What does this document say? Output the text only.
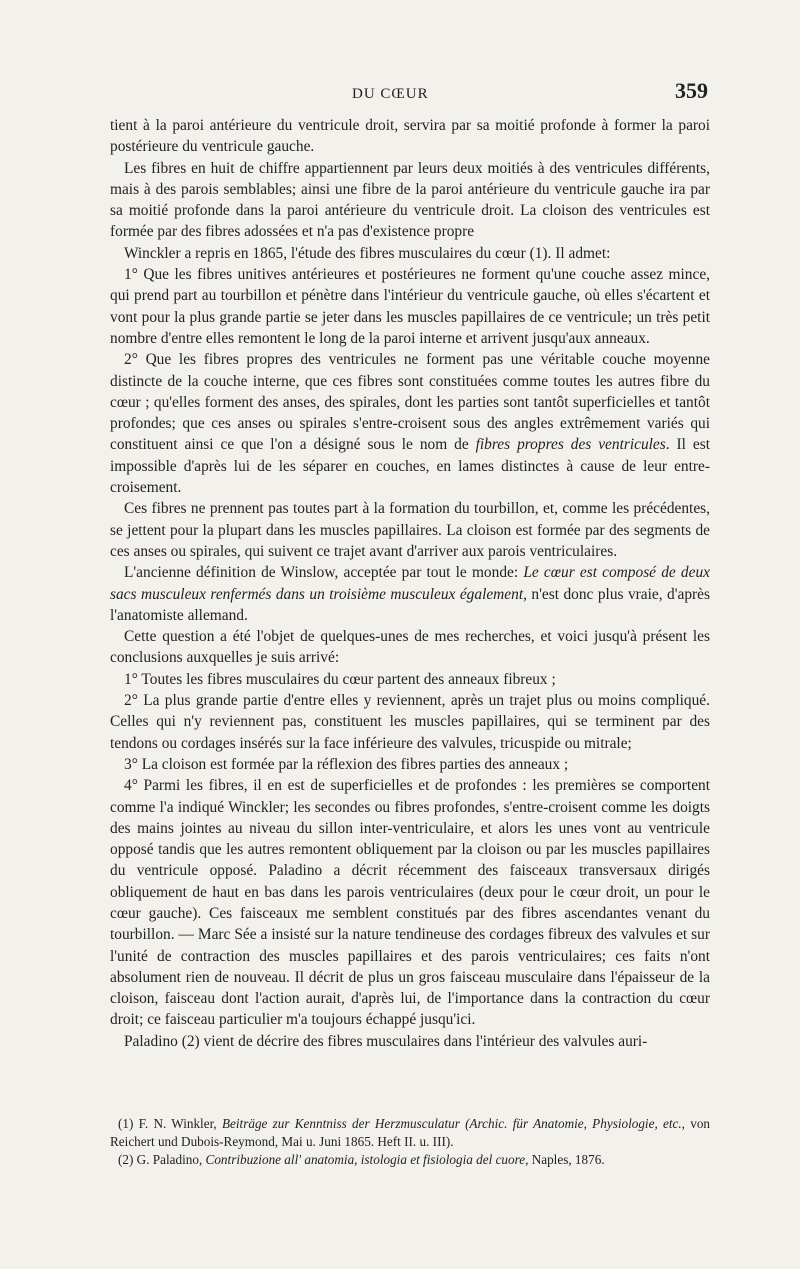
DU CŒUR	359

tient à la paroi antérieure du ventricule droit, servira par sa moitié profonde à former la paroi postérieure du ventricule gauche.

Les fibres en huit de chiffre appartiennent par leurs deux moitiés à des ventricules différents, mais à des parois semblables; ainsi une fibre de la paroi antérieure du ventricule gauche ira par sa moitié profonde dans la paroi antérieure du ventricule droit. La cloison des ventricules est formée par des fibres adossées et n'a pas d'existence propre

Winckler a repris en 1865, l'étude des fibres musculaires du cœur (1). Il admet:

1° Que les fibres unitives antérieures et postérieures ne forment qu'une couche assez mince, qui prend part au tourbillon et pénètre dans l'intérieur du ventricule gauche, où elles s'écartent et vont pour la plus grande partie se jeter dans les muscles papillaires de ce ventricule; un très petit nombre d'entre elles remontent le long de la paroi interne et arrivent jusqu'aux anneaux.

2° Que les fibres propres des ventricules ne forment pas une véritable couche moyenne distincte de la couche interne, que ces fibres sont constituées comme toutes les autres fibre du cœur ; qu'elles forment des anses, des spirales, dont les parties sont tantôt superficielles et tantôt profondes; que ces anses ou spirales s'entre-croisent sous des angles extrêmement variés qui constituent ainsi ce que l'on a désigné sous le nom de fibres propres des ventricules. Il est impossible d'après lui de les séparer en couches, en lames distinctes à cause de leur entre-croisement.

Ces fibres ne prennent pas toutes part à la formation du tourbillon, et, comme les précédentes, se jettent pour la plupart dans les muscles papillaires. La cloison est formée par des segments de ces anses ou spirales, qui suivent ce trajet avant d'arriver aux parois ventriculaires.

L'ancienne définition de Winslow, acceptée par tout le monde: Le cœur est composé de deux sacs musculeux renfermés dans un troisième musculeux également, n'est donc plus vraie, d'après l'anatomiste allemand.

Cette question a été l'objet de quelques-unes de mes recherches, et voici jusqu'à présent les conclusions auxquelles je suis arrivé:

1° Toutes les fibres musculaires du cœur partent des anneaux fibreux ;

2° La plus grande partie d'entre elles y reviennent, après un trajet plus ou moins compliqué. Celles qui n'y reviennent pas, constituent les muscles papillaires, qui se terminent par des tendons ou cordages insérés sur la face inférieure des valvules, tricuspide ou mitrale;

3° La cloison est formée par la réflexion des fibres parties des anneaux ;

4° Parmi les fibres, il en est de superficielles et de profondes : les premières se comportent comme l'a indiqué Winckler; les secondes ou fibres profondes, s'entre-croisent comme les doigts des mains jointes au niveau du sillon inter-ventriculaire, et alors les unes vont au ventricule opposé tandis que les autres remontent obliquement par la cloison ou par les muscles papillaires du ventricule opposé. Paladino a décrit récemment des faisceaux transversaux dirigés obliquement de haut en bas dans les parois ventriculaires (deux pour le cœur droit, un pour le cœur gauche). Ces faisceaux me semblent constitués par des fibres ascendantes venant du tourbillon. — Marc Sée a insisté sur la nature tendineuse des cordages fibreux des valvules et sur l'unité de contraction des muscles papillaires et des parois ventriculaires; ces faits n'ont absolument rien de nouveau. Il décrit de plus un gros faisceau musculaire dans l'épaisseur de la cloison, faisceau dont l'action aurait, d'après lui, de l'importance dans la contraction du cœur droit; ce faisceau particulier m'a toujours échappé jusqu'ici.

Paladino (2) vient de décrire des fibres musculaires dans l'intérieur des valvules auri-

(1) F. N. Winkler, Beiträge zur Kenntniss der Herzmusculatur (Archic. für Anatomie, Physiologie, etc., von Reichert und Dubois-Reymond, Mai u. Juni 1865. Heft II. u. III).

(2) G. Paladino, Contribuzione all' anatomia, istologia et fisiologia del cuore, Naples, 1876.
